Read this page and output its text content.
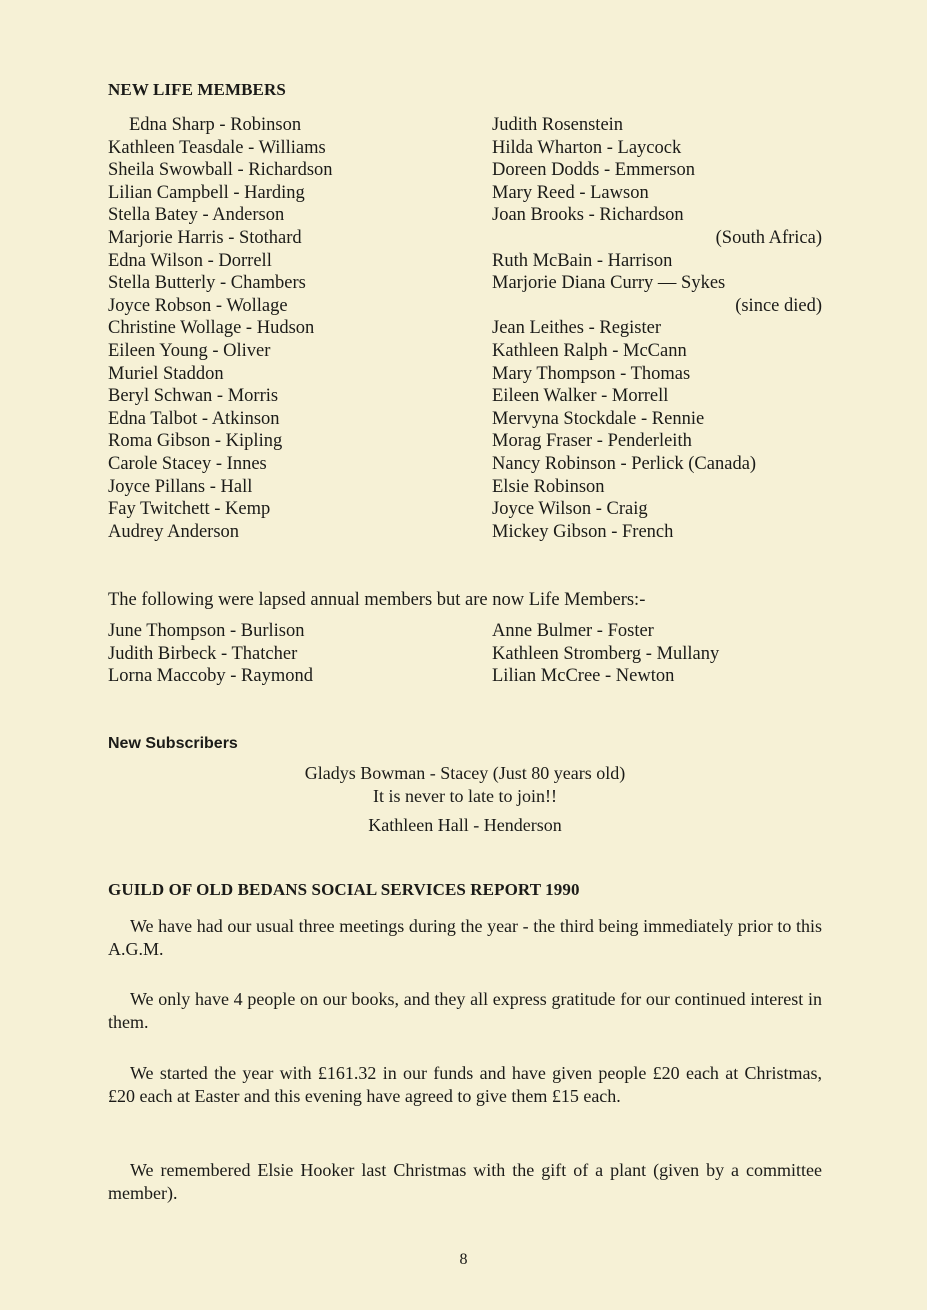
NEW LIFE MEMBERS
Edna Sharp - Robinson
Kathleen Teasdale - Williams
Sheila Swowball - Richardson
Lilian Campbell - Harding
Stella Batey - Anderson
Marjorie Harris - Stothard
Edna Wilson - Dorrell
Stella Butterly - Chambers
Joyce Robson - Wollage
Christine Wollage - Hudson
Eileen Young - Oliver
Muriel Staddon
Beryl Schwan - Morris
Edna Talbot - Atkinson
Roma Gibson - Kipling
Carole Stacey - Innes
Joyce Pillans - Hall
Fay Twitchett - Kemp
Audrey Anderson
Judith Rosenstein
Hilda Wharton - Laycock
Doreen Dodds - Emmerson
Mary Reed - Lawson
Joan Brooks - Richardson
(South Africa)
Ruth McBain - Harrison
Marjorie Diana Curry — Sykes
(since died)
Jean Leithes - Register
Kathleen Ralph - McCann
Mary Thompson - Thomas
Eileen Walker - Morrell
Mervyna Stockdale - Rennie
Morag Fraser - Penderleith
Nancy Robinson - Perlick (Canada)
Elsie Robinson
Joyce Wilson - Craig
Mickey Gibson - French
The following were lapsed annual members but are now Life Members:-
June Thompson - Burlison
Judith Birbeck - Thatcher
Lorna Maccoby - Raymond
Anne Bulmer - Foster
Kathleen Stromberg - Mullany
Lilian McCree - Newton
New Subscribers
Gladys Bowman - Stacey (Just 80 years old)
It is never to late to join!!
Kathleen Hall - Henderson
GUILD OF OLD BEDANS SOCIAL SERVICES REPORT 1990

We have had our usual three meetings during the year - the third being immediately prior to this A.G.M.

We only have 4 people on our books, and they all express gratitude for our continued interest in them.

We started the year with £161.32 in our funds and have given people £20 each at Christmas, £20 each at Easter and this evening have agreed to give them £15 each.

We remembered Elsie Hooker last Christmas with the gift of a plant (given by a committee member).

8
